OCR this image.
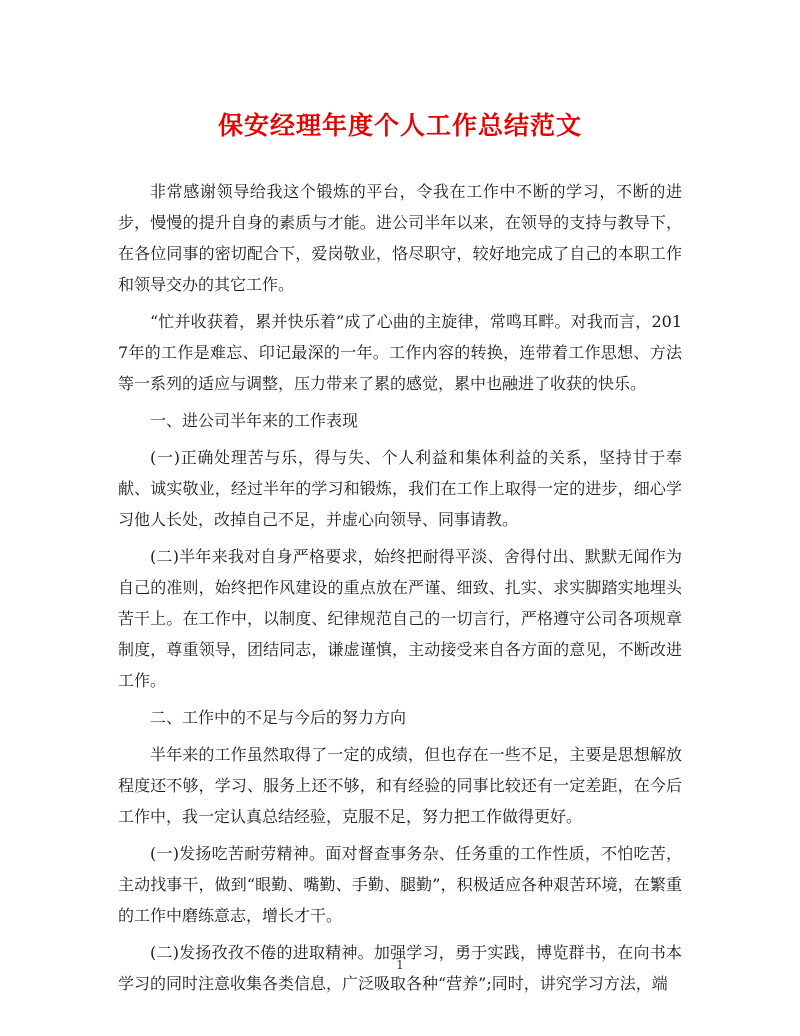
保安经理年度个人工作总结范文

非常感谢领导给我这个锻炼的平台，令我在工作中不断的学习，不断的进步，慢慢的提升自身的素质与才能。进公司半年以来，在领导的支持与教导下，在各位同事的密切配合下，爱岗敬业，恪尽职守，较好地完成了自己的本职工作和领导交办的其它工作。

“忙并收获着，累并快乐着”成了心曲的主旋律，常鸣耳畔。对我而言，2017年的工作是难忘、印记最深的一年。工作内容的转换，连带着工作思想、方法等一系列的适应与调整，压力带来了累的感觉，累中也融进了收获的快乐。

一、进公司半年来的工作表现

(一)正确处理苦与乐，得与失、个人利益和集体利益的关系，坚持甘于奉献、诚实敬业，经过半年的学习和锻炼，我们在工作上取得一定的进步，细心学习他人长处，改掉自己不足，并虚心向领导、同事请教。

(二)半年来我对自身严格要求，始终把耐得平淡、舍得付出、默默无闻作为自己的准则，始终把作风建设的重点放在严谨、细致、扎实、求实脚踏实地埋头苦干上。在工作中，以制度、纪律规范自己的一切言行，严格遵守公司各项规章制度，尊重领导，团结同志，谦虚谨慎，主动接受来自各方面的意见，不断改进工作。

二、工作中的不足与今后的努力方向

半年来的工作虽然取得了一定的成绩，但也存在一些不足，主要是思想解放程度还不够，学习、服务上还不够，和有经验的同事比较还有一定差距，在今后工作中，我一定认真总结经验，克服不足，努力把工作做得更好。

(一)发扬吃苦耐劳精神。面对督查事务杂、任务重的工作性质，不怕吃苦，主动找事干，做到“眼勤、嘴勤、手勤、腿勤”，积极适应各种艰苦环境，在繁重的工作中磨练意志，增长才干。

(二)发扬孜孜不倦的进取精神。加强学习，勇于实践，博览群书，在向书本学习的同时注意收集各类信息，广泛吸取各种“营养”;同时，讲究学习方法，端

1
